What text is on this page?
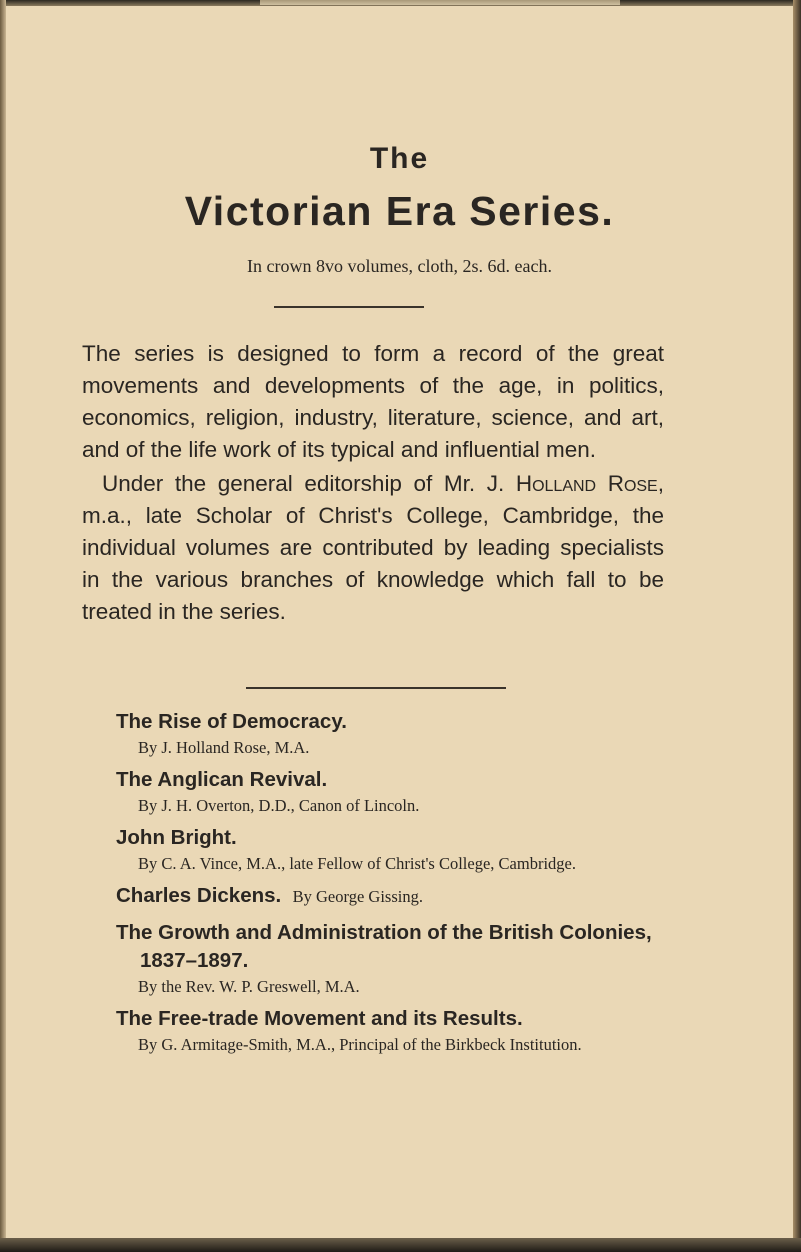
The
Victorian Era Series.
In crown 8vo volumes, cloth, 2s. 6d. each.

The series is designed to form a record of the great movements and developments of the age, in politics, economics, religion, industry, literature, science, and art, and of the life work of its typical and influential men.

Under the general editorship of Mr. J. Holland Rose, m.a., late Scholar of Christ's College, Cambridge, the individual volumes are contributed by leading specialists in the various branches of knowledge which fall to be treated in the series.

The Rise of Democracy.
By J. Holland Rose, M.A.
The Anglican Revival.
By J. H. Overton, D.D., Canon of Lincoln.
John Bright.
By C. A. Vince, M.A., late Fellow of Christ's College, Cambridge.
Charles Dickens. By George Gissing.
The Growth and Administration of the British Colonies, 1837–1897.
By the Rev. W. P. Greswell, M.A.
The Free-trade Movement and its Results.
By G. Armitage-Smith, M.A., Principal of the Birkbeck Institution.
